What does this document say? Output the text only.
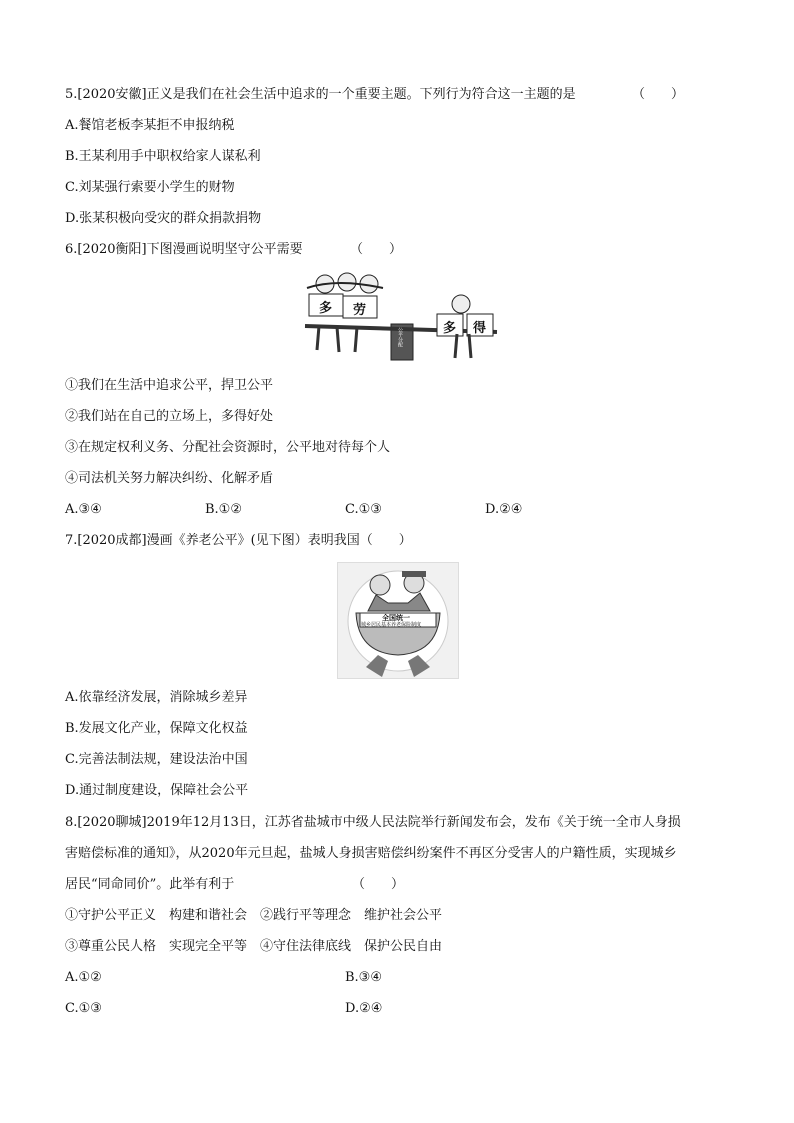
5.[2020安徽]正义是我们在社会生活中追求的一个重要主题。下列行为符合这一主题的是	（　　）
A.餐馆老板李某拒不申报纳税
B.王某利用手中职权给家人谋私利
C.刘某强行索要小学生的财物
D.张某积极向受灾的群众捐款捐物
6.[2020衡阳]下图漫画说明坚守公平需要	（　　）
多 劳
公平分配	多 得
①我们在生活中追求公平，捍卫公平
②我们站在自己的立场上，多得好处
③在规定权利义务、分配社会资源时，公平地对待每个人
④司法机关努力解决纠纷、化解矛盾
A.③④	B.①②	C.①③	D.②④
7.[2020成都]漫画《养老公平》(见下图）表明我国（　　）
全国统一
城乡居民基本养老保险制度
A.依靠经济发展，消除城乡差异
B.发展文化产业，保障文化权益
C.完善法制法规，建设法治中国
D.通过制度建设，保障社会公平
8.[2020聊城]2019年12月13日，江苏省盐城市中级人民法院举行新闻发布会，发布《关于统一全市人身损
害赔偿标准的通知》，从2020年元旦起，盐城人身损害赔偿纠纷案件不再区分受害人的户籍性质，实现城乡
居民“同命同价”。此举有利于	（　　）
①守护公平正义　构建和谐社会　②践行平等理念　维护社会公平
③尊重公民人格　实现完全平等　④守住法律底线　保护公民自由
A.①②	B.③④
C.①③	D.②④
